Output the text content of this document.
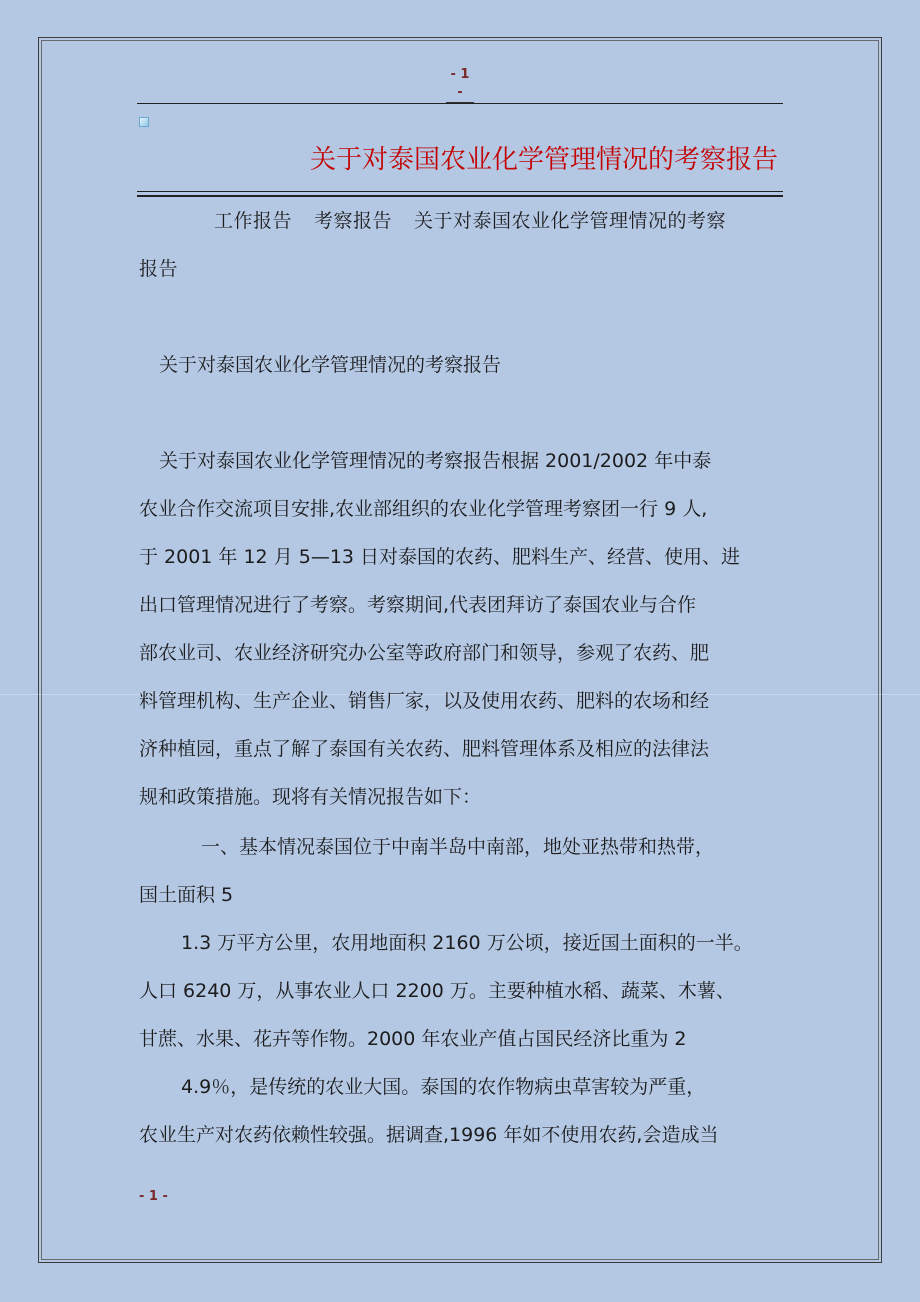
- 1 -
关于对泰国农业化学管理情况的考察报告
工作报告 考察报告 关于对泰国农业化学管理情况的考察
报告
关于对泰国农业化学管理情况的考察报告
关于对泰国农业化学管理情况的考察报告根据 2001/2002 年中泰
农业合作交流项目安排,农业部组织的农业化学管理考察团一行 9 人,
于 2001 年 12 月 5—13 日对泰国的农药、肥料生产、经营、使用、进
出口管理情况进行了考察。考察期间,代表团拜访了泰国农业与合作
部农业司、农业经济研究办公室等政府部门和领导，参观了农药、肥
料管理机构、生产企业、销售厂家，以及使用农药、肥料的农场和经
济种植园，重点了解了泰国有关农药、肥料管理体系及相应的法律法
规和政策措施。现将有关情况报告如下：
一、基本情况泰国位于中南半岛中南部，地处亚热带和热带，
国土面积 5
1.3 万平方公里，农用地面积 2160 万公顷，接近国土面积的一半。
人口 6240 万，从事农业人口 2200 万。主要种植水稻、蔬菜、木薯、
甘蔗、水果、花卉等作物。2000 年农业产值占国民经济比重为 2
4.9％，是传统的农业大国。泰国的农作物病虫草害较为严重，
农业生产对农药依赖性较强。据调查,1996 年如不使用农药,会造成当
- 1 -
